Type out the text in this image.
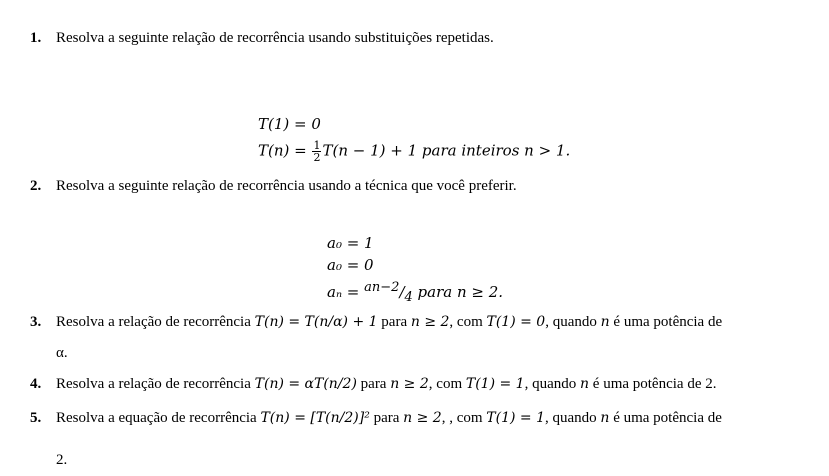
1. Resolva a seguinte relação de recorrência usando substituições repetidas.
T(1) = 0
$T(n) = \frac{1}{2} T(n - 1) + 1$ para inteiros n > 1.
2. Resolva a seguinte relação de recorrência usando a técnica que você preferir.
a₀ = 1
a₀ = 0
$a_n = ^{an-2}/_4$ para n ≥ 2.
3. Resolva a relação de recorrência T(n) = T(n/α) + 1 para n ≥ 2, com T(1) = 0, quando n é uma potência de
α.
4. Resolva a relação de recorrência T(n) = αT(n/2) para n ≥ 2, com T(1) = 1, quando n é uma potência de 2.
5. Resolva a equação de recorrência T(n) = [T(n/2)]² para n ≥ 2, , com T(1) = 1, quando n é uma potência de
2.
